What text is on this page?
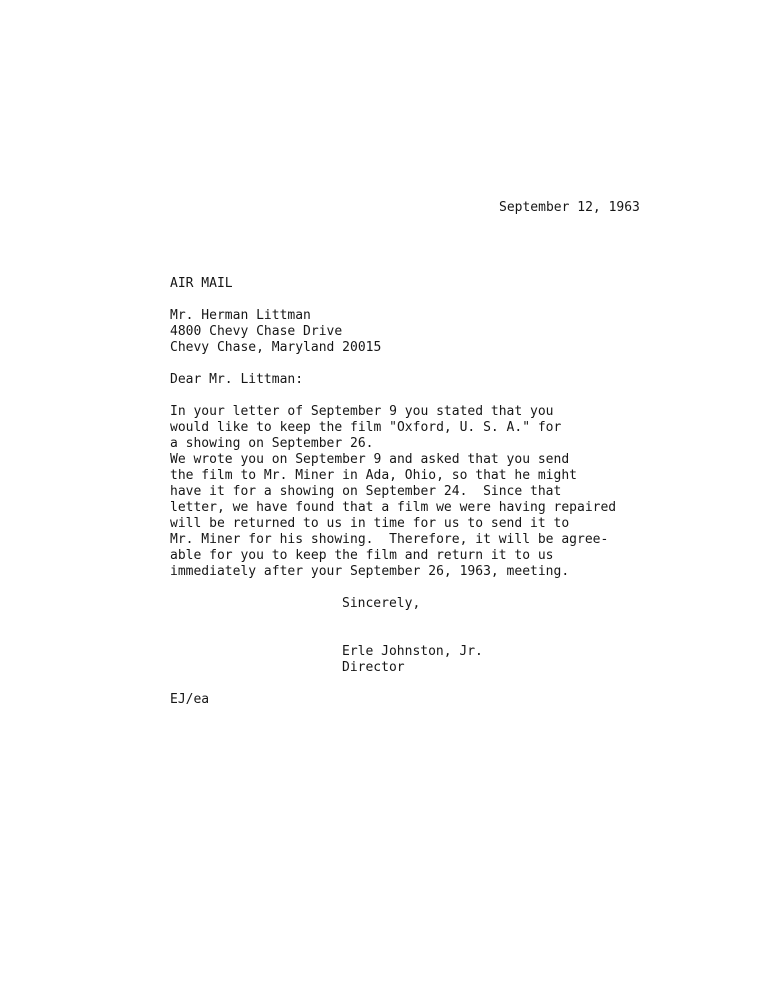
September 12, 1963
AIR MAIL
Mr. Herman Littman
4800 Chevy Chase Drive
Chevy Chase, Maryland 20015
Dear Mr. Littman:
In your letter of September 9 you stated that you
would like to keep the film "Oxford, U. S. A." for
a showing on September 26.
We wrote you on September 9 and asked that you send
the film to Mr. Miner in Ada, Ohio, so that he might
have it for a showing on September 24.  Since that
letter, we have found that a film we were having repaired
will be returned to us in time for us to send it to
Mr. Miner for his showing.  Therefore, it will be agree-
able for you to keep the film and return it to us
immediately after your September 26, 1963, meeting.
Sincerely,
Erle Johnston, Jr.
Director
EJ/ea
